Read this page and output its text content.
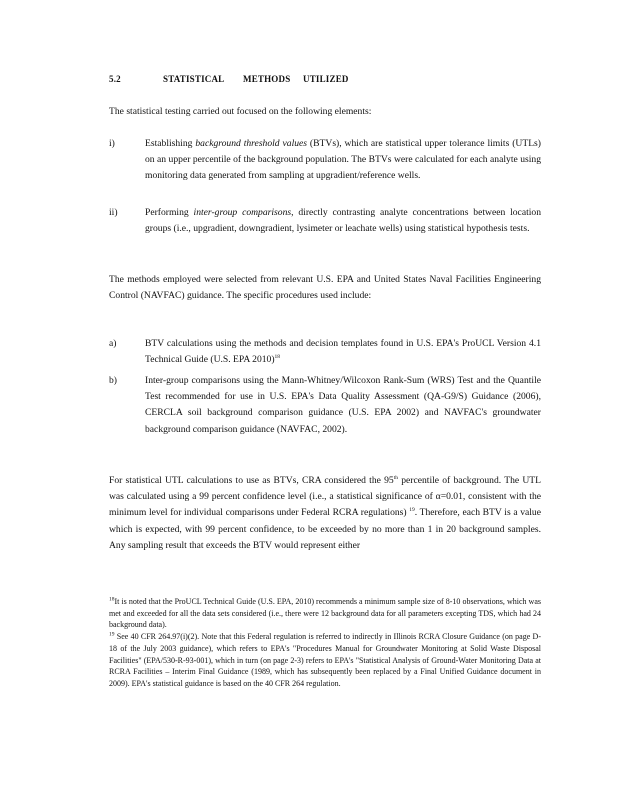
5.2	STATISTICAL METHODS UTILIZED

The statistical testing carried out focused on the following elements:

i)	Establishing background threshold values (BTVs), which are statistical upper tolerance limits (UTLs) on an upper percentile of the background population. The BTVs were calculated for each analyte using monitoring data generated from sampling at upgradient/reference wells.
ii)	Performing inter-group comparisons, directly contrasting analyte concentrations between location groups (i.e., upgradient, downgradient, lysimeter or leachate wells) using statistical hypothesis tests.

The methods employed were selected from relevant U.S. EPA and United States Naval Facilities Engineering Control (NAVFAC) guidance. The specific procedures used include:

a)	BTV calculations using the methods and decision templates found in U.S. EPA's ProUCL Version 4.1 Technical Guide (U.S. EPA 2010)$^{18}$
b)	Inter-group comparisons using the Mann-Whitney/Wilcoxon Rank-Sum (WRS) Test and the Quantile Test recommended for use in U.S. EPA's Data Quality Assessment (QA-G9/S) Guidance (2006), CERCLA soil background comparison guidance (U.S. EPA 2002) and NAVFAC's groundwater background comparison guidance (NAVFAC, 2002).

For statistical UTL calculations to use as BTVs, CRA considered the 95th percentile of background. The UTL was calculated using a 99 percent confidence level (i.e., a statistical significance of α=0.01, consistent with the minimum level for individual comparisons under Federal RCRA regulations) $^{19}$. Therefore, each BTV is a value which is expected, with 99 percent confidence, to be exceeded by no more than 1 in 20 background samples. Any sampling result that exceeds the BTV would represent either

$^{18}$It is noted that the ProUCL Technical Guide (U.S. EPA, 2010) recommends a minimum sample size of 8-10 observations, which was met and exceeded for all the data sets considered (i.e., there were 12 background data for all parameters excepting TDS, which had 24 background data).

$^{19}$ See 40 CFR 264.97(i)(2). Note that this Federal regulation is referred to indirectly in Illinois RCRA Closure Guidance (on page D-18 of the July 2003 guidance), which refers to EPA's "Procedures Manual for Groundwater Monitoring at Solid Waste Disposal Facilities" (EPA/530-R-93-001), which in turn (on page 2-3) refers to EPA's "Statistical Analysis of Ground-Water Monitoring Data at RCRA Facilities – Interim Final Guidance (1989, which has subsequently been replaced by a Final Unified Guidance document in 2009). EPA's statistical guidance is based on the 40 CFR 264 regulation.
